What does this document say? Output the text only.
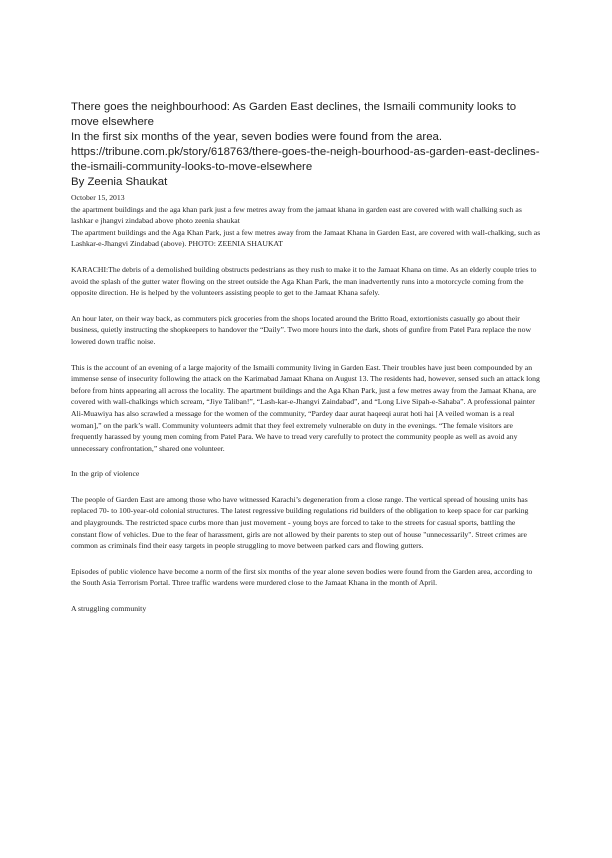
There goes the neighbourhood: As Garden East declines, the Ismaili community looks to move elsewhere

In the first six months of the year, seven bodies were found from the area.

https://tribune.com.pk/story/618763/there-goes-the-neigh-bourhood-as-garden-east-declines-the-ismaili-community-looks-to-move-elsewhere

By Zeenia Shaukat

October 15, 2013

the apartment buildings and the aga khan park just a few metres away from the jamaat khana in garden east are covered with wall chalking such as lashkar e jhangvi zindabad above photo zeenia shaukat

The apartment buildings and the Aga Khan Park, just a few metres away from the Jamaat Khana in Garden East, are covered with wall-chalking, such as Lashkar-e-Jhangvi Zindabad (above). PHOTO: ZEENIA SHAUKAT

KARACHI:The debris of a demolished building obstructs pedestrians as they rush to make it to the Jamaat Khana on time. As an elderly couple tries to avoid the splash of the gutter water flowing on the street outside the Aga Khan Park, the man inadvertently runs into a motorcycle coming from the opposite direction. He is helped by the volunteers assisting people to get to the Jamaat Khana safely.

An hour later, on their way back, as commuters pick groceries from the shops located around the Britto Road, extortionists casually go about their business, quietly instructing the shopkeepers to handover the “Daily”. Two more hours into the dark, shots of gunfire from Patel Para replace the now lowered down traffic noise.

This is the account of an evening of a large majority of the Ismaili community living in Garden East. Their troubles have just been compounded by an immense sense of insecurity following the attack on the Karimabad Jamaat Khana on August 13. The residents had, however, sensed such an attack long before from hints appearing all across the locality. The apartment buildings and the Aga Khan Park, just a few metres away from the Jamaat Khana, are covered with wall-chalkings which scream, “Jiye Taliban!”, “Lash-kar-e-Jhangvi Zaindabad”, and “Long Live Sipah-e-Sahaba”. A professional painter Ali-Muawiya has also scrawled a message for the women of the community, “Pardey daar aurat haqeeqi aurat hoti hai [A veiled woman is a real woman],” on the park’s wall. Community volunteers admit that they feel extremely vulnerable on duty in the evenings. “The female visitors are frequently harassed by young men coming from Patel Para. We have to tread very carefully to protect the community people as well as avoid any unnecessary confrontation,” shared one volunteer.

In the grip of violence

The people of Garden East are among those who have witnessed Karachi’s degeneration from a close range. The vertical spread of housing units has replaced 70- to 100-year-old colonial structures. The latest regressive building regulations rid builders of the obligation to keep space for car parking and playgrounds. The restricted space curbs more than just movement - young boys are forced to take to the streets for casual sports, battling the constant flow of vehicles. Due to the fear of harassment, girls are not allowed by their parents to step out of house "unnecessarily". Street crimes are common as criminals find their easy targets in people struggling to move between parked cars and flowing gutters.

Episodes of public violence have become a norm of the first six months of the year alone seven bodies were found from the Garden area, according to the South Asia Terrorism Portal. Three traffic wardens were murdered close to the Jamaat Khana in the month of April.

A struggling community
